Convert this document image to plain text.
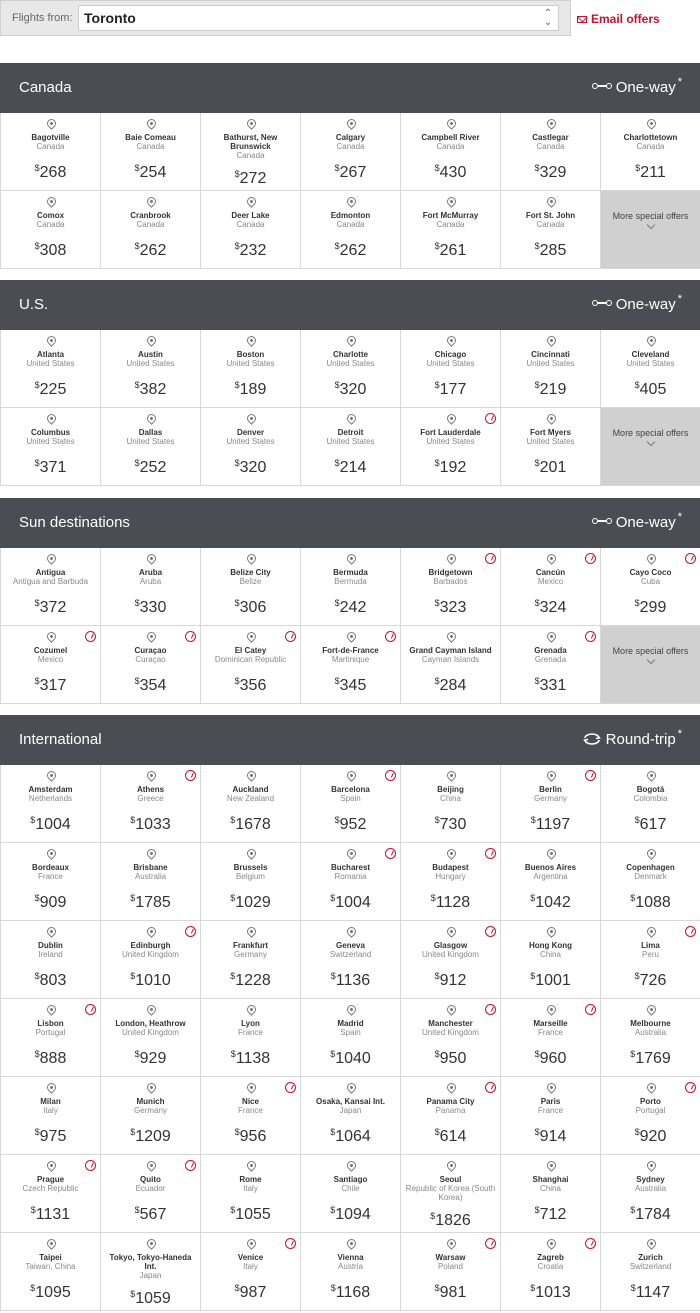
Flights from: Toronto	⌃
⌄	Email offers
Canada	One-way *
Bagotville
Canada
$268
Baie Comeau
Canada
$254
Bathurst, New Brunswick
Canada
$272
Calgary
Canada
$267
Campbell River
Canada
$430
Castlegar
Canada
$329
Charlottetown
Canada
$211
Comox
Canada
$308
Cranbrook
Canada
$262
Deer Lake
Canada
$232
Edmonton
Canada
$262
Fort McMurray
Canada
$261
Fort St. John
Canada
$285
More special offers
U.S.	One-way *
Atlanta
United States
$225
Austin
United States
$382
Boston
United States
$189
Charlotte
United States
$320
Chicago
United States
$177
Cincinnati
United States
$219
Cleveland
United States
$405
Columbus
United States
$371
Dallas
United States
$252
Denver
United States
$320
Detroit
United States
$214
Fort Lauderdale
United States
$192
Fort Myers
United States
$201
More special offers
Sun destinations	One-way *
Antigua
Antigua and Barbuda
$372
Aruba
Aruba
$330
Belize City
Belize
$306
Bermuda
Bermuda
$242
Bridgetown
Barbados
$323
Cancún
Mexico
$324
Cayo Coco
Cuba
$299
Cozumel
Mexico
$317
Curaçao
Curaçao
$354
El Catey
Dominican Republic
$356
Fort-de-France
Martinique
$345
Grand Cayman Island
Cayman Islands
$284
Grenada
Grenada
$331
More special offers
International	Round-trip *
Amsterdam
Netherlands
$1004
Athens
Greece
$1033
Auckland
New Zealand
$1678
Barcelona
Spain
$952
Beijing
China
$730
Berlin
Germany
$1197
Bogotá
Colombia
$617
Bordeaux
France
$909
Brisbane
Australia
$1785
Brussels
Belgium
$1029
Bucharest
Romania
$1004
Budapest
Hungary
$1128
Buenos Aires
Argentina
$1042
Copenhagen
Denmark
$1088
Dublin
Ireland
$803
Edinburgh
United Kingdom
$1010
Frankfurt
Germany
$1228
Geneva
Switzerland
$1136
Glasgow
United Kingdom
$912
Hong Kong
China
$1001
Lima
Peru
$726
Lisbon
Portugal
$888
London, Heathrow
United Kingdom
$929
Lyon
France
$1138
Madrid
Spain
$1040
Manchester
United Kingdom
$950
Marseille
France
$960
Melbourne
Australia
$1769
Milan
Italy
$975
Munich
Germany
$1209
Nice
France
$956
Osaka, Kansai Int.
Japan
$1064
Panama City
Panama
$614
Paris
France
$914
Porto
Portugal
$920
Prague
Czech Republic
$1131
Quito
Ecuador
$567
Rome
Italy
$1055
Santiago
Chile
$1094
Seoul
Republic of Korea (South Korea)
$1826
Shanghai
China
$712
Sydney
Australia
$1784
Taipei
Taiwan, China
$1095
Tokyo, Tokyo-Haneda Int.
Japan
$1059
Venice
Italy
$987
Vienna
Austria
$1168
Warsaw
Poland
$981
Zagreb
Croatia
$1013
Zurich
Switzerland
$1147
